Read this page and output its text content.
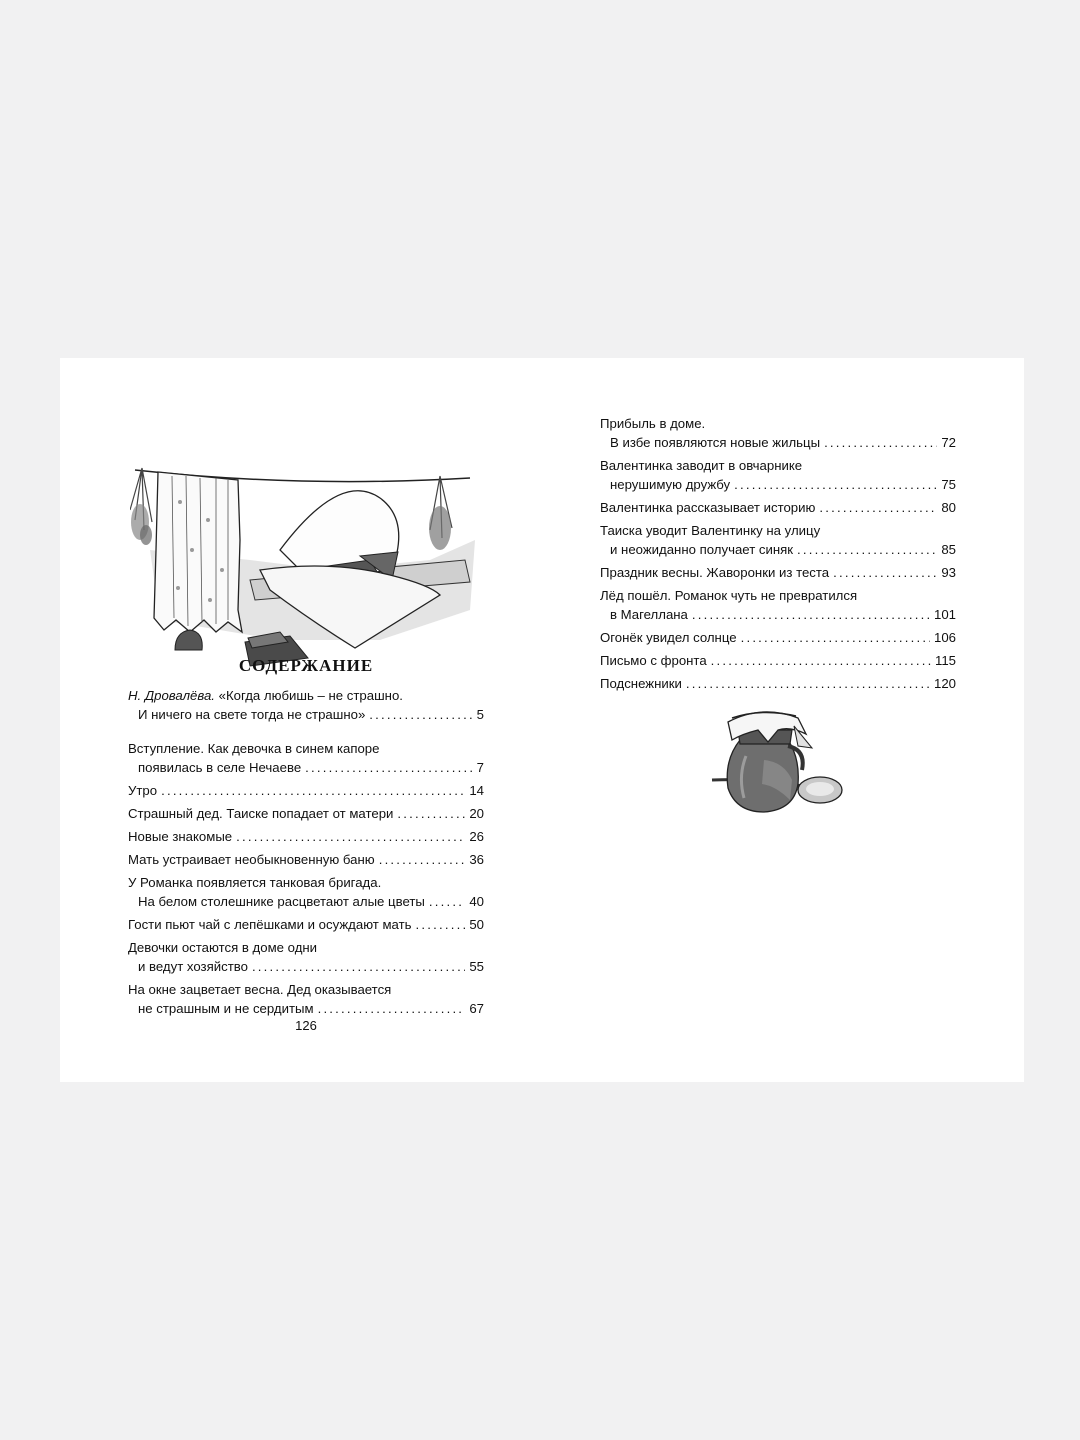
СОДЕРЖАНИЕ
Н. Дровалёва. «Когда любишь – не страшно.
И ничего на свете тогда не страшно» .....	5
Вступление. Как девочка в синем капоре
появилась в селе Нечаеве .....	7
Утро .....	14
Страшный дед. Таиске попадает от матери .....	20
Новые знакомые .....	26
Мать устраивает необыкновенную баню .....	36
У Романка появляется танковая бригада.
На белом столешнике расцветают алые цветы .....	40
Гости пьют чай с лепёшками и осуждают мать .....	50
Девочки остаются в доме одни
и ведут хозяйство .....	55
На окне зацветает весна. Дед оказывается
не страшным и не сердитым .....	67
126
Прибыль в доме.
В избе появляются новые жильцы .....	72
Валентинка заводит в овчарнике
нерушимую дружбу .....	75
Валентинка рассказывает историю .....	80
Таиска уводит Валентинку на улицу
и неожиданно получает синяк .....	85
Праздник весны. Жаворонки из теста .....	93
Лёд пошёл. Романок чуть не превратился
в Магеллана .....	101
Огонёк увидел солнце .....	106
Письмо с фронта .....	115
Подснежники .....	120
